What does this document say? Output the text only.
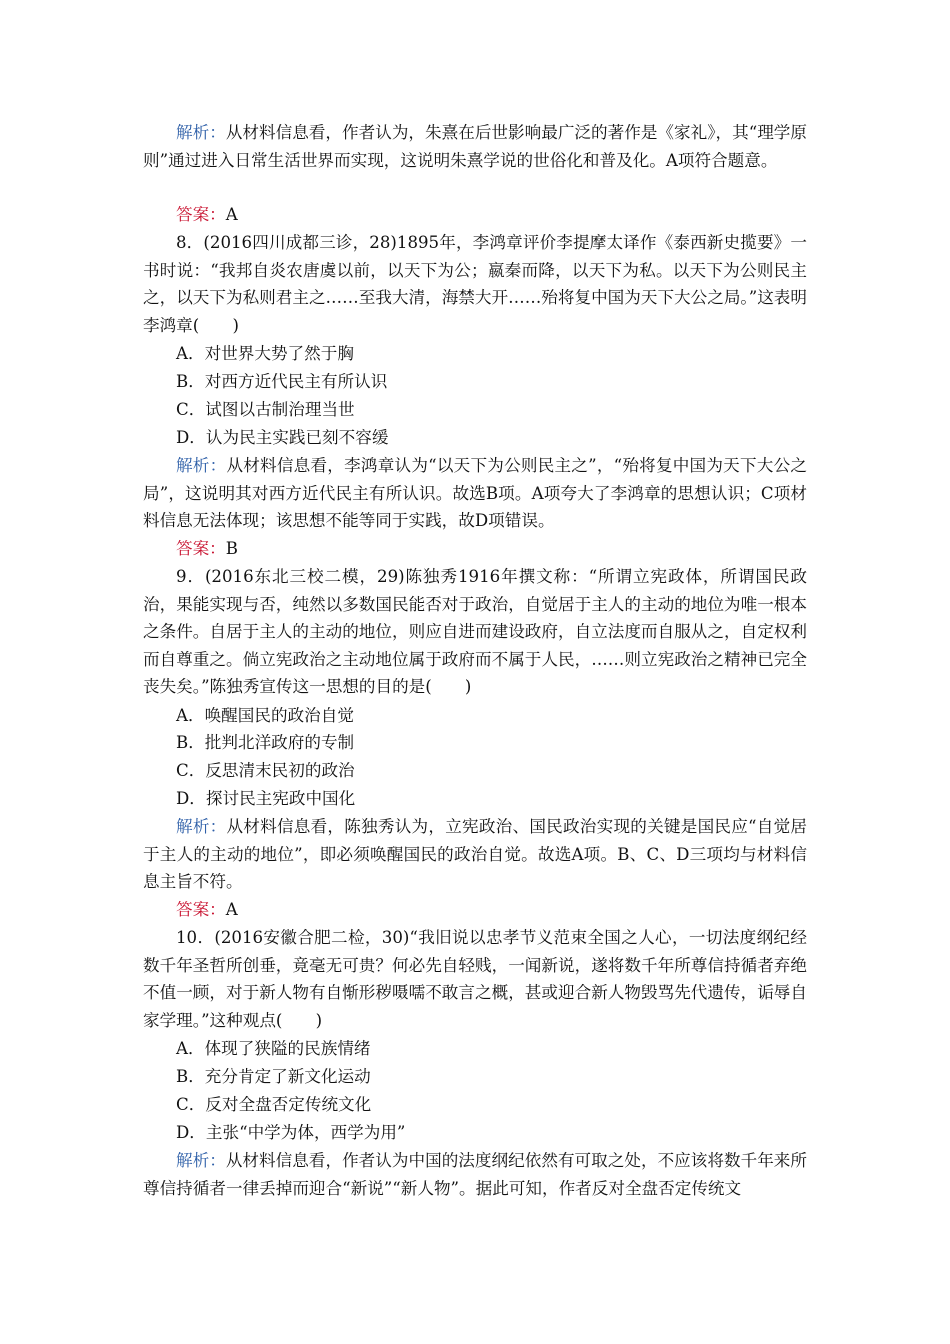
解析：从材料信息看，作者认为，朱熹在后世影响最广泛的著作是《家礼》，其“理学原则”通过进入日常生活世界而实现，这说明朱熹学说的世俗化和普及化。A项符合题意。

答案：A

8．(2016四川成都三诊，28)1895年，李鸿章评价李提摩太译作《泰西新史揽要》一书时说：“我邦自炎农唐虞以前，以天下为公；嬴秦而降，以天下为私。以天下为公则民主之，以天下为私则君主之……至我大清，海禁大开……殆将复中国为天下大公之局。”这表明李鸿章(　　)

A．对世界大势了然于胸

B．对西方近代民主有所认识

C．试图以古制治理当世

D．认为民主实践已刻不容缓

解析：从材料信息看，李鸿章认为“以天下为公则民主之”，“殆将复中国为天下大公之局”，这说明其对西方近代民主有所认识。故选B项。A项夸大了李鸿章的思想认识；C项材料信息无法体现；该思想不能等同于实践，故D项错误。

答案：B

9．(2016东北三校二模，29)陈独秀1916年撰文称：“所谓立宪政体，所谓国民政治，果能实现与否，纯然以多数国民能否对于政治，自觉居于主人的主动的地位为唯一根本之条件。自居于主人的主动的地位，则应自进而建设政府，自立法度而自服从之，自定权利而自尊重之。倘立宪政治之主动地位属于政府而不属于人民，……则立宪政治之精神已完全丧失矣。”陈独秀宣传这一思想的目的是(　　)

A．唤醒国民的政治自觉

B．批判北洋政府的专制

C．反思清末民初的政治

D．探讨民主宪政中国化

解析：从材料信息看，陈独秀认为，立宪政治、国民政治实现的关键是国民应“自觉居于主人的主动的地位”，即必须唤醒国民的政治自觉。故选A项。B、C、D三项均与材料信息主旨不符。

答案：A

10．(2016安徽合肥二检，30)“我旧说以忠孝节义范束全国之人心，一切法度纲纪经数千年圣哲所创垂，竟毫无可贵？何必先自轻贱，一闻新说，遂将数千年所尊信持循者弃绝不值一顾，对于新人物有自惭形秽嗫嚅不敢言之概，甚或迎合新人物毁骂先代遗传，诟辱自家学理。”这种观点(　　)

A．体现了狭隘的民族情绪

B．充分肯定了新文化运动

C．反对全盘否定传统文化

D．主张“中学为体，西学为用”

解析：从材料信息看，作者认为中国的法度纲纪依然有可取之处，不应该将数千年来所尊信持循者一律丢掉而迎合“新说”“新人物”。据此可知，作者反对全盘否定传统文
